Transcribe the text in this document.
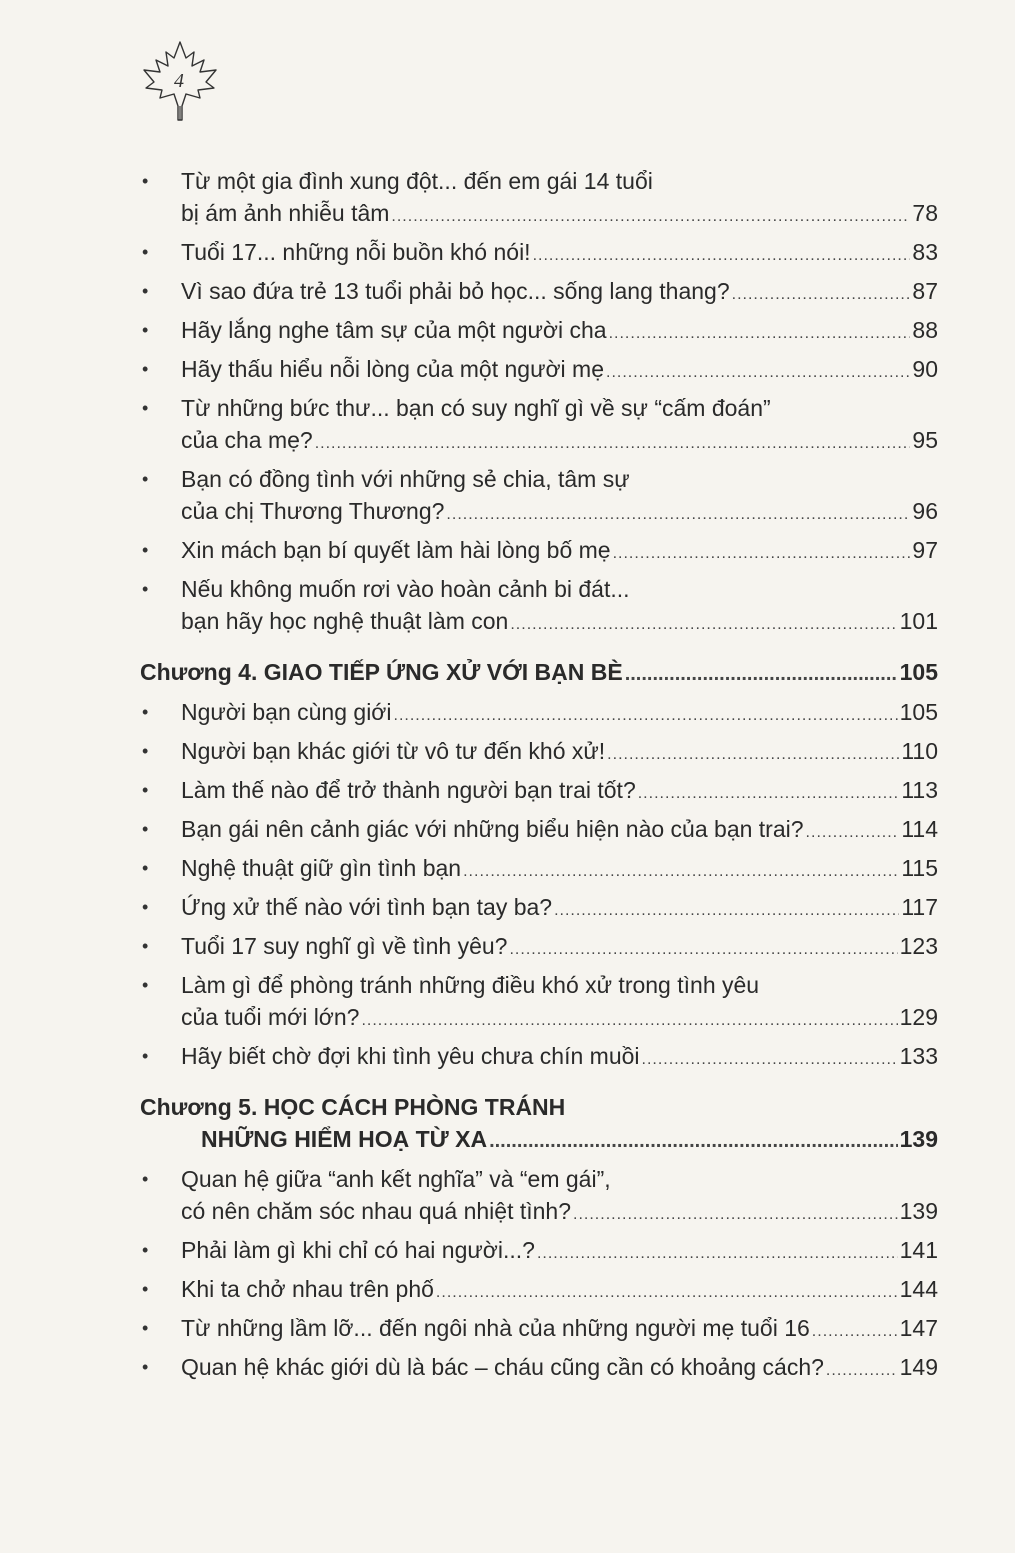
4
• Từ một gia đình xung đột... đến em gái 14 tuổi
bị ám ảnh nhiễu tâm .....	78
• Tuổi 17... những nỗi buồn khó nói! .....	83
• Vì sao đứa trẻ 13 tuổi phải bỏ học... sống lang thang? .....	87
• Hãy lắng nghe tâm sự của một người cha .....	88
• Hãy thấu hiểu nỗi lòng của một người mẹ .....	90
• Từ những bức thư... bạn có suy nghĩ gì về sự “cấm đoán”
của cha mẹ? .....	95
• Bạn có đồng tình với những sẻ chia, tâm sự
của chị Thương Thương? .....	96
• Xin mách bạn bí quyết làm hài lòng bố mẹ .....	97
• Nếu không muốn rơi vào hoàn cảnh bi đát...
bạn hãy học nghệ thuật làm con .....	101
Chương 4. GIAO TIẾP ỨNG XỬ VỚI BẠN BÈ .....	105
• Người bạn cùng giới .....	105
• Người bạn khác giới từ vô tư đến khó xử! .....	110
• Làm thế nào để trở thành người bạn trai tốt? .....	113
• Bạn gái nên cảnh giác với những biểu hiện nào của bạn trai? .....	114
• Nghệ thuật giữ gìn tình bạn .....	115
• Ứng xử thế nào với tình bạn tay ba? .....	117
• Tuổi 17 suy nghĩ gì về tình yêu? .....	123
• Làm gì để phòng tránh những điều khó xử trong tình yêu
của tuổi mới lớn? .....	129
• Hãy biết chờ đợi khi tình yêu chưa chín muồi .....	133
Chương 5. HỌC CÁCH PHÒNG TRÁNH
NHỮNG HIỂM HOẠ TỪ XA .....	139
• Quan hệ giữa “anh kết nghĩa” và “em gái”,
có nên chăm sóc nhau quá nhiệt tình? .....	139
• Phải làm gì khi chỉ có hai người...? .....	141
• Khi ta chở nhau trên phố .....	144
• Từ những lầm lỡ... đến ngôi nhà của những người mẹ tuổi 16 .....	147
• Quan hệ khác giới dù là bác – cháu cũng cần có khoảng cách? .....	149
